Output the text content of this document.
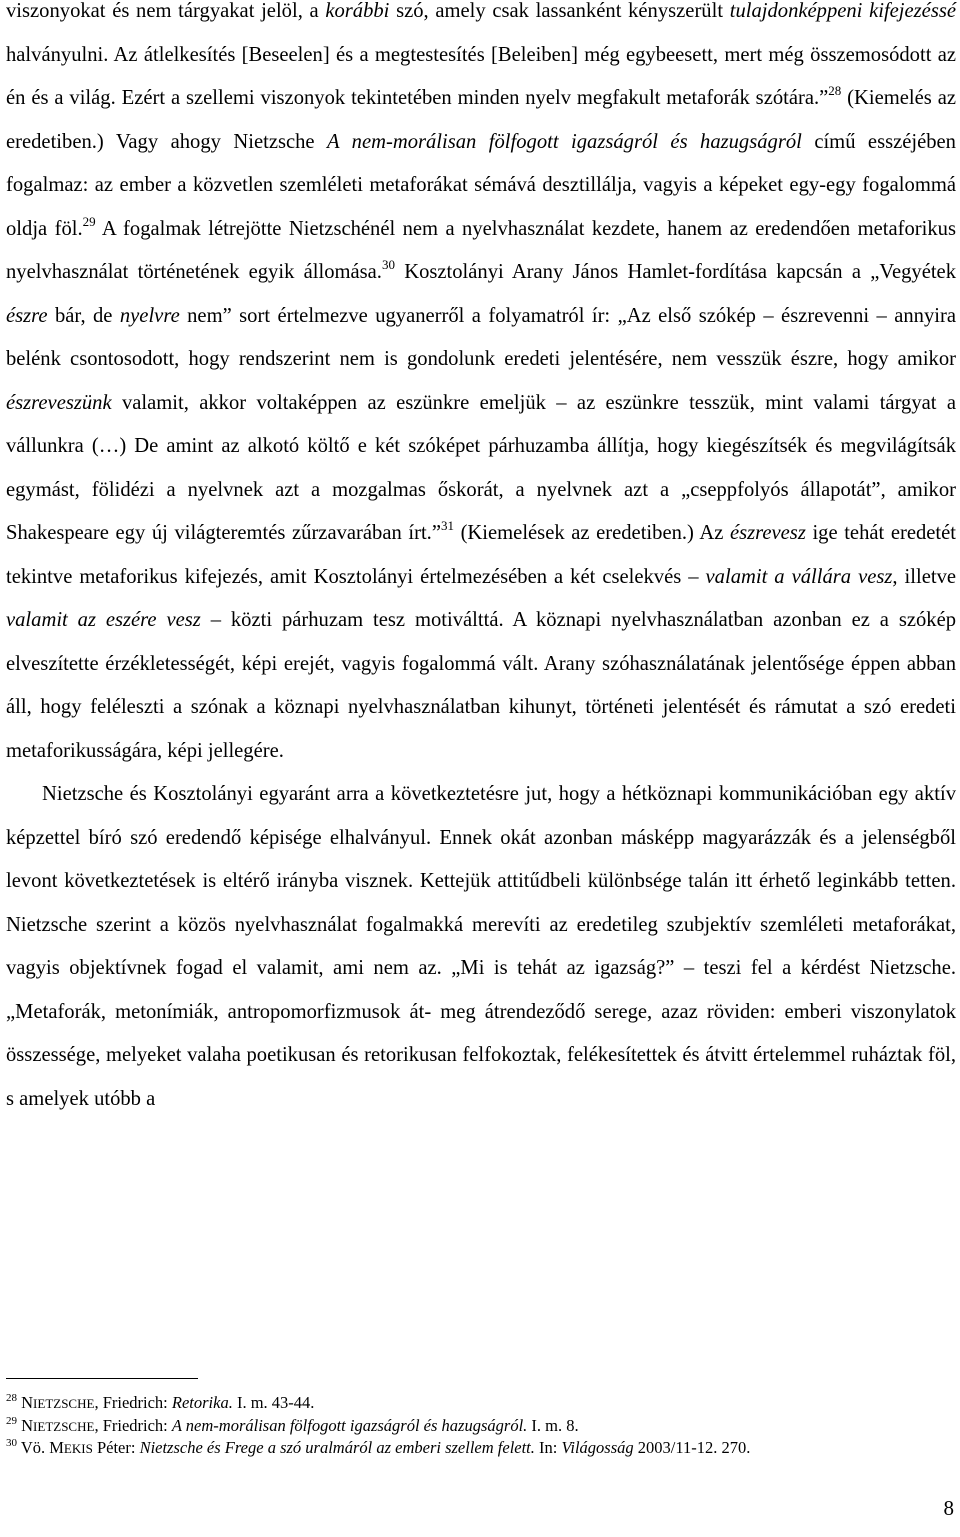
viszonyokat és nem tárgyakat jelöl, a korábbi szó, amely csak lassanként kényszerült tulajdonképpeni kifejezéssé halványulni. Az átlelkesítés [Beseelen] és a megtestesítés [Beleiben] még egybeesett, mert még összemosódott az én és a világ. Ezért a szellemi viszonyok tekintetében minden nyelv megfakult metaforák szótára.”$^{28}$ (Kiemelés az eredetiben.) Vagy ahogy Nietzsche A nem-morálisan fölfogott igazságról és hazugságról című esszéjében fogalmaz: az ember a közvetlen szemléleti metaforákat sémává desztillálja, vagyis a képeket egy-egy fogalommá oldja föl.$^{29}$ A fogalmak létrejötte Nietzschénél nem a nyelvhasználat kezdete, hanem az eredendően metaforikus nyelvhasználat történetének egyik állomása.$^{30}$ Kosztolányi Arany János Hamlet-fordítása kapcsán a „Vegyétek észre bár, de nyelvre nem” sort értelmezve ugyanerről a folyamatról ír: „Az első szókép – észrevenni – annyira belénk csontosodott, hogy rendszerint nem is gondolunk eredeti jelentésére, nem vesszük észre, hogy amikor észreveszünk valamit, akkor voltaképpen az eszünkre emeljük – az eszünkre tesszük, mint valami tárgyat a vállunkra (…) De amint az alkotó költő e két szóképet párhuzamba állítja, hogy kiegészítsék és megvilágítsák egymást, fölidézi a nyelvnek azt a mozgalmas őskorát, a nyelvnek azt a „cseppfolyós állapotát”, amikor Shakespeare egy új világteremtés zűrzavarában írt.”$^{31}$ (Kiemelések az eredetiben.) Az észrevesz ige tehát eredetét tekintve metaforikus kifejezés, amit Kosztolányi értelmezésében a két cselekvés – valamit a vállára vesz, illetve valamit az eszére vesz – közti párhuzam tesz motiválttá. A köznapi nyelvhasználatban azonban ez a szókép elveszítette érzékletességét, képi erejét, vagyis fogalommá vált. Arany szóhasználatának jelentősége éppen abban áll, hogy feléleszti a szónak a köznapi nyelvhasználatban kihunyt, történeti jelentését és rámutat a szó eredeti metaforikusságára, képi jellegére.

Nietzsche és Kosztolányi egyaránt arra a következtetésre jut, hogy a hétköznapi kommunikációban egy aktív képzettel bíró szó eredendő képisége elhalványul. Ennek okát azonban másképp magyarázzák és a jelenségből levont következtetések is eltérő irányba visznek. Kettejük attitűdbeli különbsége talán itt érhető leginkább tetten. Nietzsche szerint a közös nyelvhasználat fogalmakká merevíti az eredetileg szubjektív szemléleti metaforákat, vagyis objektívnek fogad el valamit, ami nem az. „Mi is tehát az igazság?” – teszi fel a kérdést Nietzsche. „Metaforák, metonímiák, antropomorfizmusok át- meg átrendeződő serege, azaz röviden: emberi viszonylatok összessége, melyeket valaha poetikusan és retorikusan felfokoztak, felékesítettek és átvitt értelemmel ruháztak föl, s amelyek utóbb a

$^{28}$ NIETZSCHE, Friedrich: Retorika. I. m. 43-44.

$^{29}$ NIETZSCHE, Friedrich: A nem-morálisan fölfogott igazságról és hazugságról. I. m. 8.

$^{30}$ Vö. MEKIS Péter: Nietzsche és Frege a szó uralmáról az emberi szellem felett. In: Világosság 2003/11-12. 270.

8
